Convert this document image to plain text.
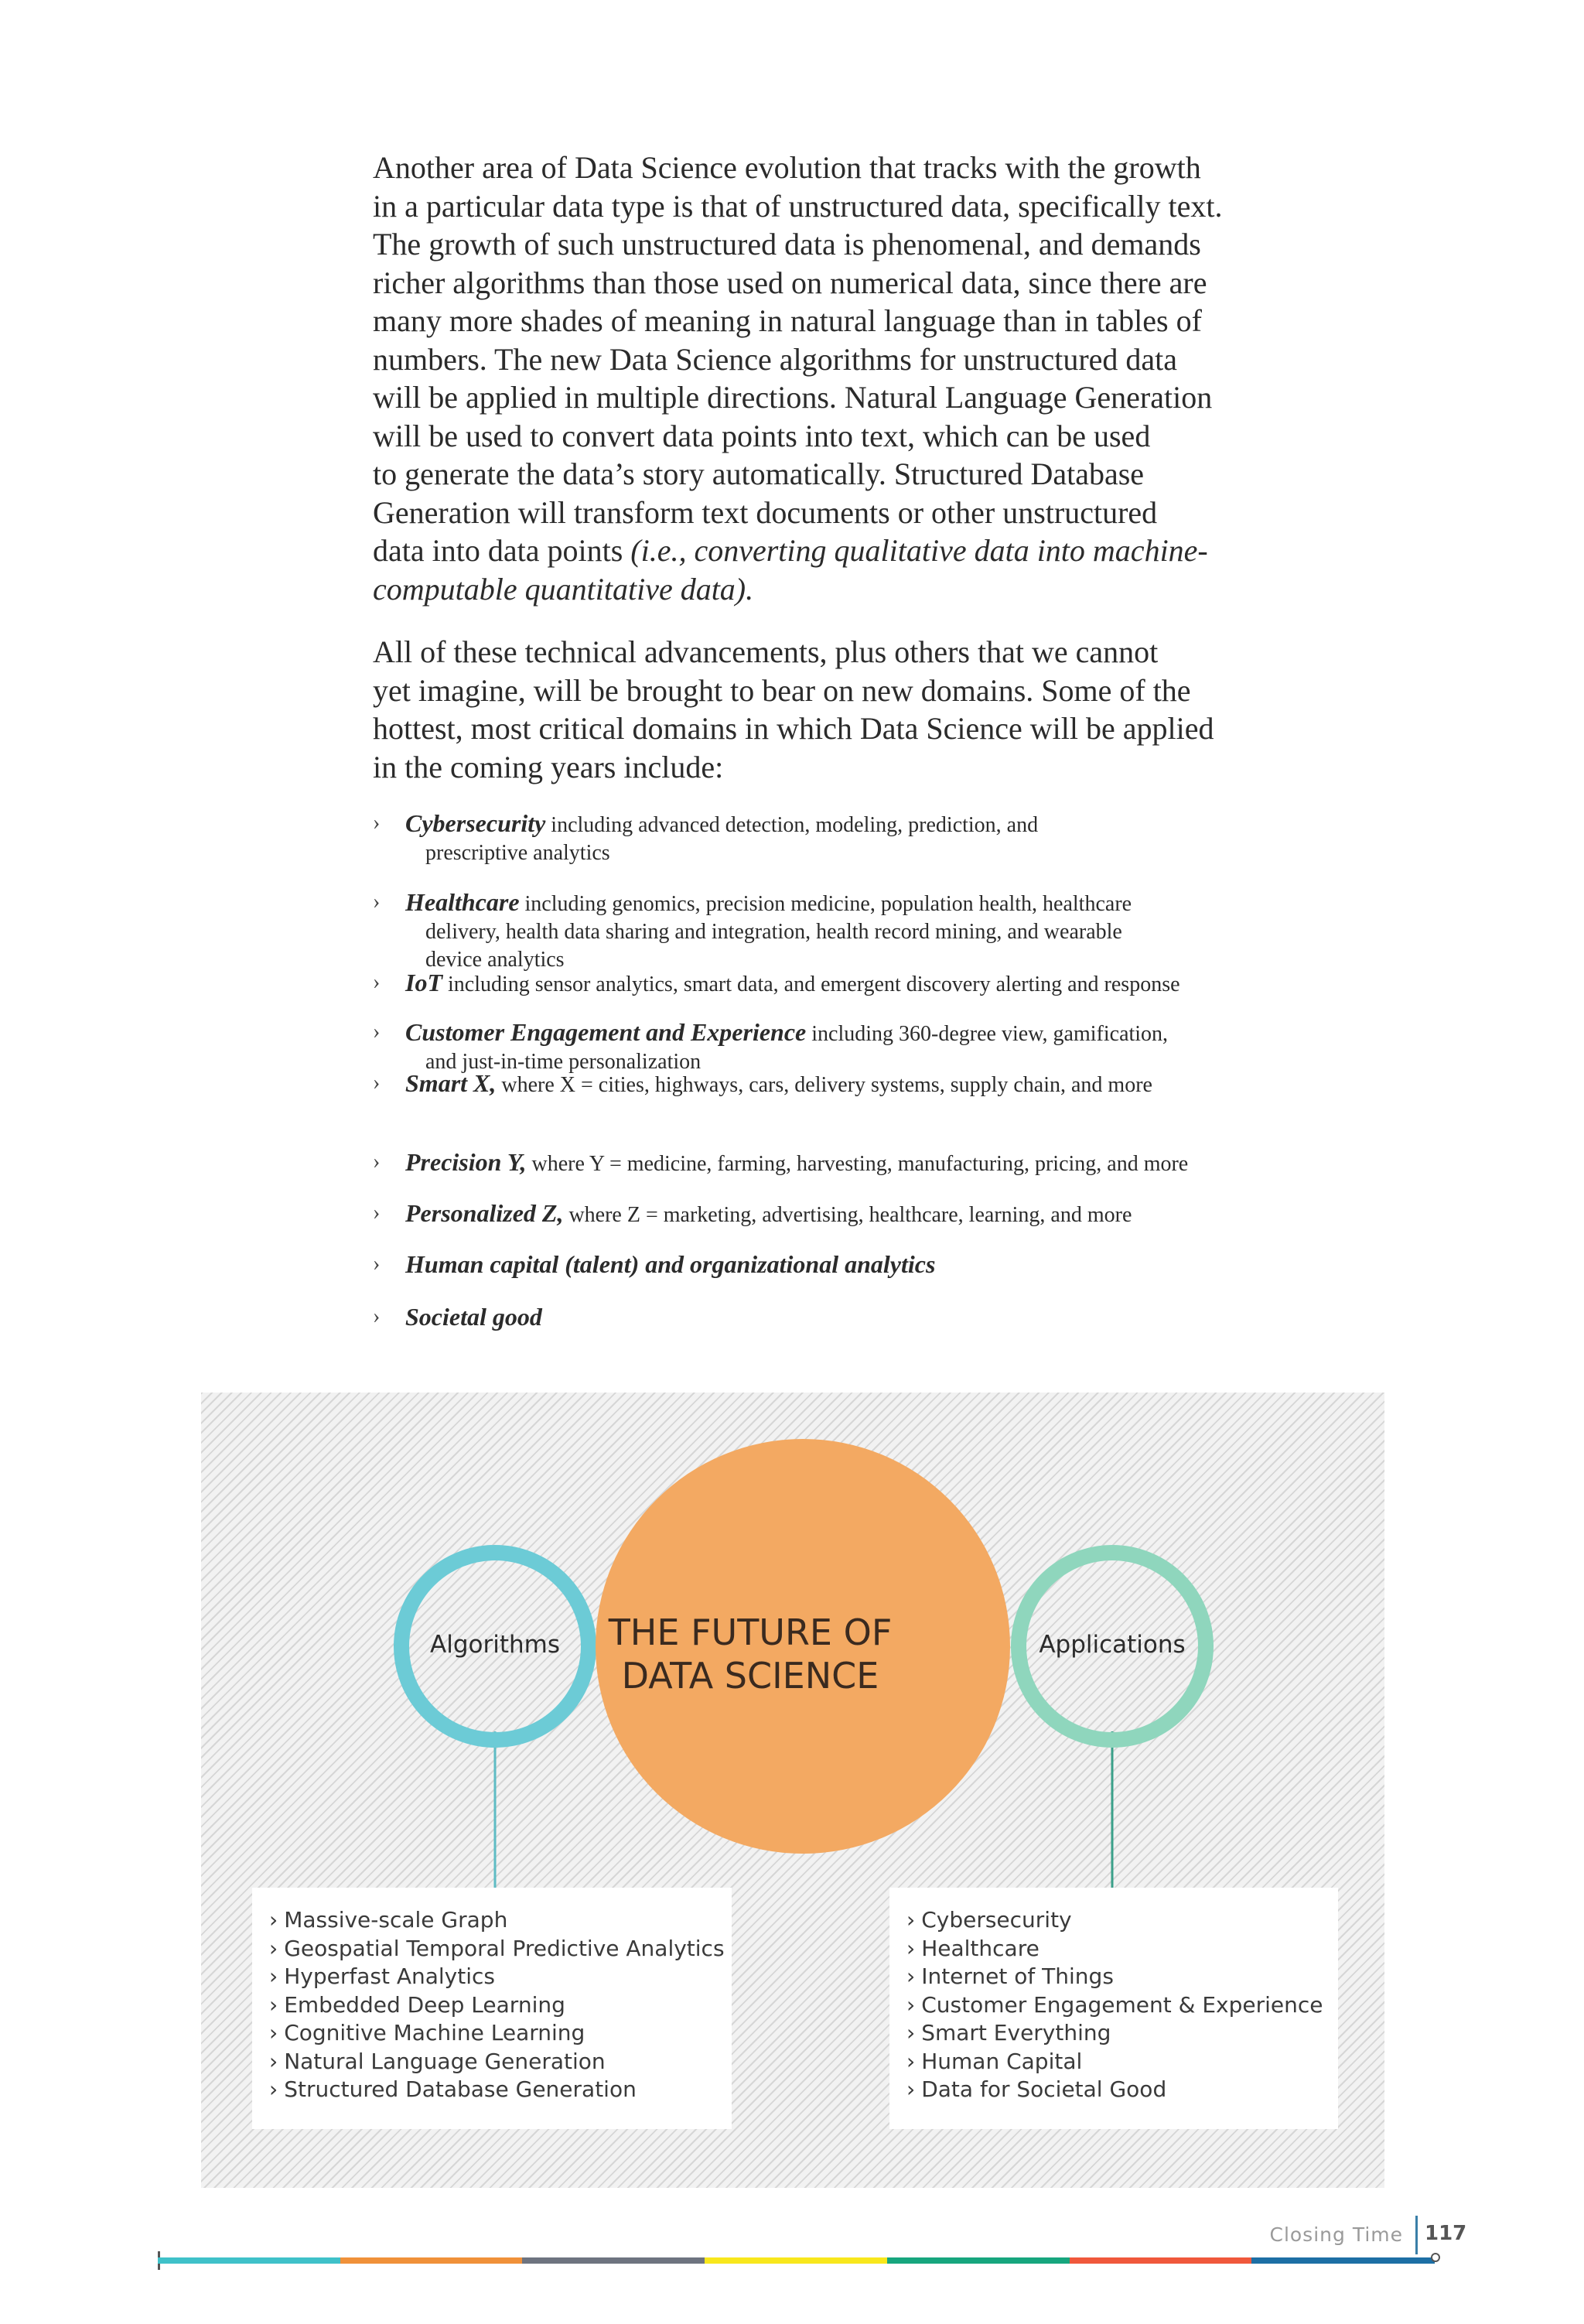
Another area of Data Science evolution that tracks with the growth
in a particular data type is that of unstructured data, specifically text.
The growth of such unstructured data is phenomenal, and demands
richer algorithms than those used on numerical data, since there are
many more shades of meaning in natural language than in tables of
numbers. The new Data Science algorithms for unstructured data
will be applied in multiple directions. Natural Language Generation
will be used to convert data points into text, which can be used
to generate the data’s story automatically. Structured Database
Generation will transform text documents or other unstructured
data into data points (i.e., converting qualitative data into machine-
computable quantitative data).

All of these technical advancements, plus others that we cannot
yet imagine, will be brought to bear on new domains. Some of the
hottest, most critical domains in which Data Science will be applied
in the coming years include:

› Cybersecurity including advanced detection, modeling, prediction, and
prescriptive analytics
› Healthcare including genomics, precision medicine, population health, healthcare
delivery, health data sharing and integration, health record mining, and wearable
device analytics
› IoT including sensor analytics, smart data, and emergent discovery alerting and response
› Customer Engagement and Experience including 360-degree view, gamification,
and just-in-time personalization
› Smart X, where X = cities, highways, cars, delivery systems, supply chain, and more
› Precision Y, where Y = medicine, farming, harvesting, manufacturing, pricing, and more
› Personalized Z, where Z = marketing, advertising, healthcare, learning, and more
› Human capital (talent) and organizational analytics
› Societal good
Algorithms	Applications
THE FUTURE OF
DATA SCIENCE
› Massive-scale Graph
› Geospatial Temporal Predictive Analytics
› Hyperfast Analytics
› Embedded Deep Learning
› Cognitive Machine Learning
› Natural Language Generation
› Structured Database Generation
› Cybersecurity
› Healthcare
› Internet of Things
› Customer Engagement & Experience
› Smart Everything
› Human Capital
› Data for Societal Good
Closing Time 117
